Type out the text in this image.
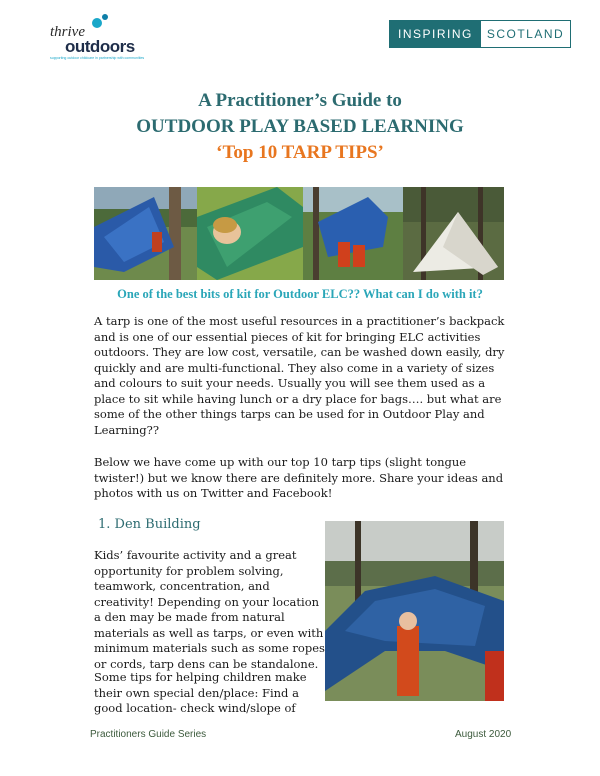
thrive
outdoors
supporting outdoor childcare in partnership with communities
INSPIRING	SCOTLAND
A Practitioner’s Guide to
OUTDOOR PLAY BASED LEARNING
‘Top 10 TARP TIPS’
One of the best bits of kit for Outdoor ELC?? What can I do with it?

A tarp is one of the most useful resources in a practitioner’s backpack and is one of our essential pieces of kit for bringing ELC activities outdoors. They are low cost, versatile, can be washed down easily, dry quickly and are multi-functional. They also come in a variety of sizes and colours to suit your needs. Usually you will see them used as a place to sit while having lunch or a dry place for bags…. but what are some of the other things tarps can be used for in Outdoor Play and Learning??

Below we have come up with our top 10 tarp tips (slight tongue twister!) but we know there are definitely more. Share your ideas and photos with us on Twitter and Facebook!

1. Den Building

Kids’ favourite activity and a great opportunity for problem solving, teamwork, concentration, and creativity! Depending on your location a den may be made from natural materials as well as tarps, or even with minimum materials such as some ropes or cords, tarp dens can be standalone.

Some tips for helping children make their own special den/place: Find a good location- check wind/slope of

Practitioners Guide Series	August 2020
